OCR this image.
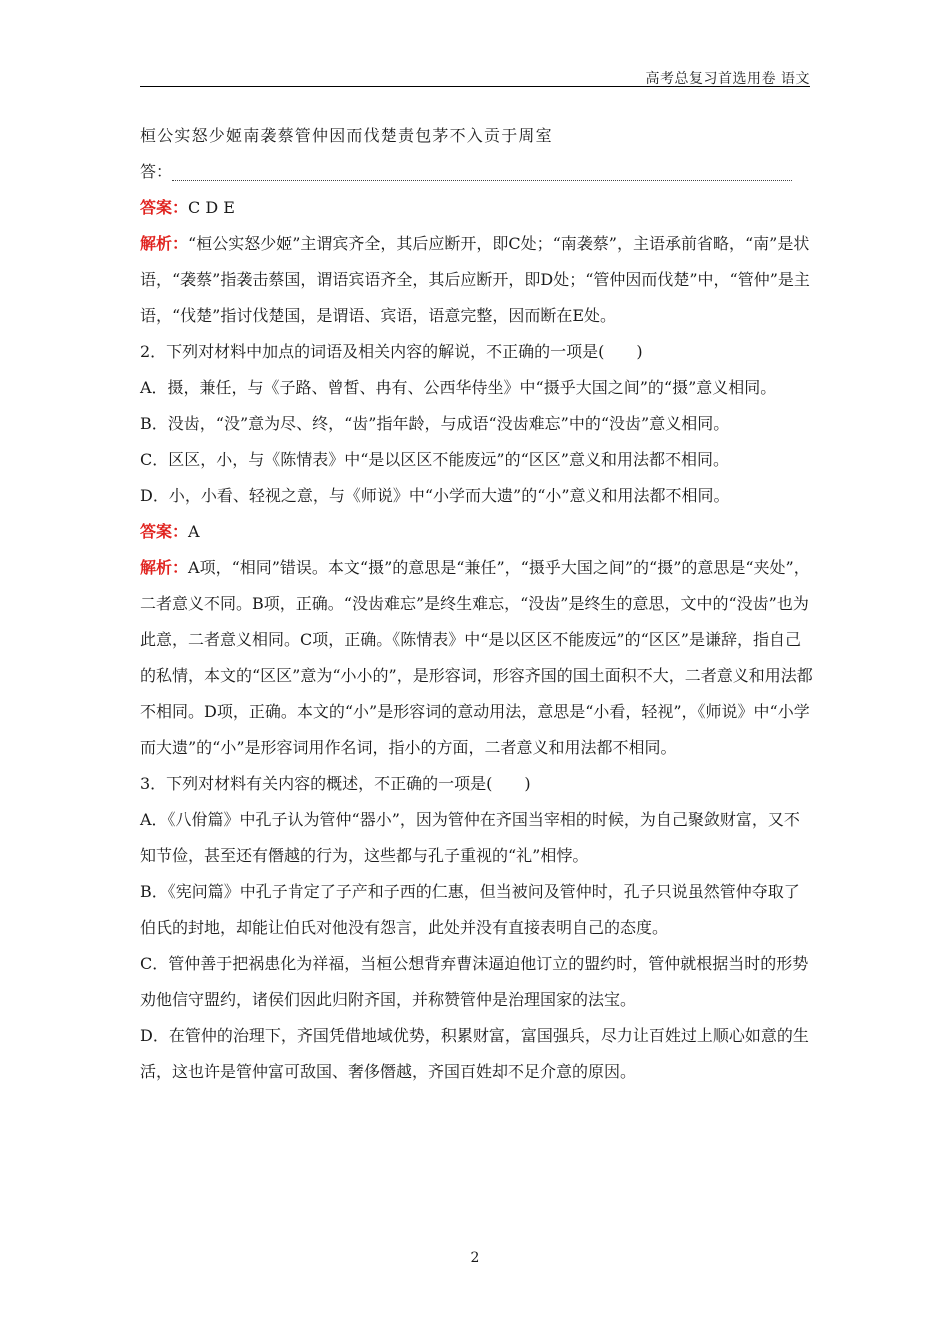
高考总复习首选用卷 语文

桓公实怒少姬南袭蔡管仲因而伐楚责包茅不入贡于周室

答：

答案：C D E

解析：“桓公实怒少姬”主谓宾齐全，其后应断开，即C处；“南袭蔡”，主语承前省略，“南”是状语，“袭蔡”指袭击蔡国，谓语宾语齐全，其后应断开，即D处；“管仲因而伐楚”中，“管仲”是主语，“伐楚”指讨伐楚国，是谓语、宾语，语意完整，因而断在E处。

2．下列对材料中加点的词语及相关内容的解说，不正确的一项是(　　)

A．摄，兼任，与《子路、曾皙、冉有、公西华侍坐》中“摄乎大国之间”的“摄”意义相同。

B．没齿，“没”意为尽、终，“齿”指年龄，与成语“没齿难忘”中的“没齿”意义相同。

C．区区，小，与《陈情表》中“是以区区不能废远”的“区区”意义和用法都不相同。

D．小，小看、轻视之意，与《师说》中“小学而大遗”的“小”意义和用法都不相同。

答案：A

解析：A项，“相同”错误。本文“摄”的意思是“兼任”，“摄乎大国之间”的“摄”的意思是“夹处”，二者意义不同。B项，正确。“没齿难忘”是终生难忘，“没齿”是终生的意思，文中的“没齿”也为此意，二者意义相同。C项，正确。《陈情表》中“是以区区不能废远”的“区区”是谦辞，指自己的私情，本文的“区区”意为“小小的”，是形容词，形容齐国的国土面积不大，二者意义和用法都不相同。D项，正确。本文的“小”是形容词的意动用法，意思是“小看，轻视”，《师说》中“小学而大遗”的“小”是形容词用作名词，指小的方面，二者意义和用法都不相同。

3．下列对材料有关内容的概述，不正确的一项是(　　)

A．《八佾篇》中孔子认为管仲“器小”，因为管仲在齐国当宰相的时候，为自己聚敛财富，又不知节俭，甚至还有僭越的行为，这些都与孔子重视的“礼”相悖。

B．《宪问篇》中孔子肯定了子产和子西的仁惠，但当被问及管仲时，孔子只说虽然管仲夺取了伯氏的封地，却能让伯氏对他没有怨言，此处并没有直接表明自己的态度。

C．管仲善于把祸患化为祥福，当桓公想背弃曹沫逼迫他订立的盟约时，管仲就根据当时的形势劝他信守盟约，诸侯们因此归附齐国，并称赞管仲是治理国家的法宝。

D．在管仲的治理下，齐国凭借地域优势，积累财富，富国强兵，尽力让百姓过上顺心如意的生活，这也许是管仲富可敌国、奢侈僭越，齐国百姓却不足介意的原因。

2
